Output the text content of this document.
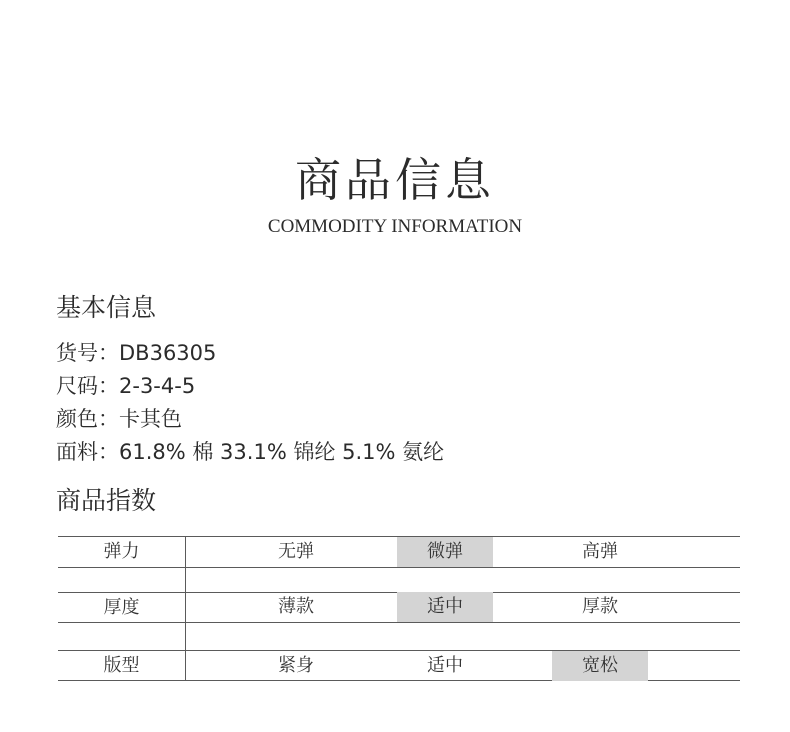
商品信息
COMMODITY INFORMATION
基本信息
货号：DB36305
尺码：2-3-4-5
颜色：卡其色
面料：61.8% 棉 33.1% 锦纶 5.1% 氨纶
商品指数
弹力	无弹	微弹	高弹
厚度	薄款	适中	厚款
版型	紧身	适中	宽松
